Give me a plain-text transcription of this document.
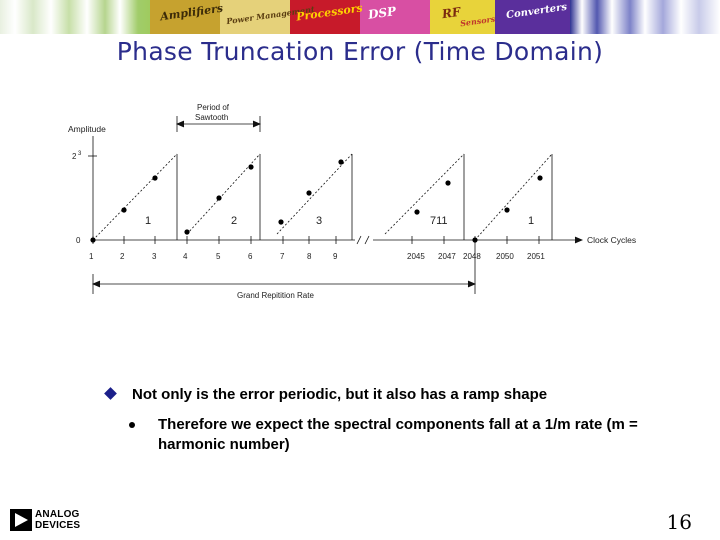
Amplifiers Power Management
Processors DSP	RF
Sensors Converters
Phase Truncation Error (Time Domain)
Amplitude
Period of
Sawtooth
2 3
0	Clock Cycles
1	2	3	4	5	6	7	8	9	2045 2047 2048 2050 2051
1	2	3	711	1
Grand Repitition Rate
Not only is the error periodic, but it also has a ramp shape
Therefore we expect the spectral components fall at a 1/m rate (m = harmonic number)
ANALOG
DEVICES	16
